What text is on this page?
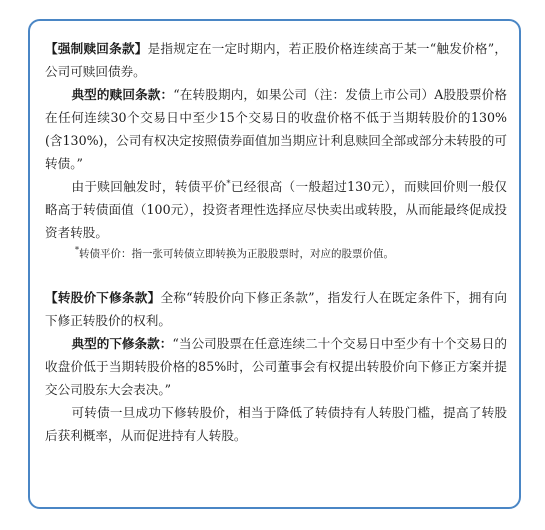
【强制赎回条款】是指规定在一定时期内，若正股价格连续高于某一“触发价格”，公司可赎回债券。

典型的赎回条款：“在转股期内，如果公司（注：发债上市公司）A股股票价格在任何连续30个交易日中至少15个交易日的收盘价格不低于当期转股价的130%(含130%)，公司有权决定按照债券面值加当期应计利息赎回全部或部分未转股的可转债。”

由于赎回触发时，转债平价*已经很高（一般超过130元），而赎回价则一般仅略高于转债面值（100元），投资者理性选择应尽快卖出或转股，从而能最终促成投资者转股。

*转债平价：指一张可转债立即转换为正股股票时，对应的股票价值。

【转股价下修条款】全称“转股价向下修正条款”，指发行人在既定条件下，拥有向下修正转股价的权利。

典型的下修条款：“当公司股票在任意连续二十个交易日中至少有十个交易日的收盘价低于当期转股价格的85%时，公司董事会有权提出转股价向下修正方案并提交公司股东大会表决。”

可转债一旦成功下修转股价，相当于降低了转债持有人转股门槛，提高了转股后获利概率，从而促进持有人转股。
